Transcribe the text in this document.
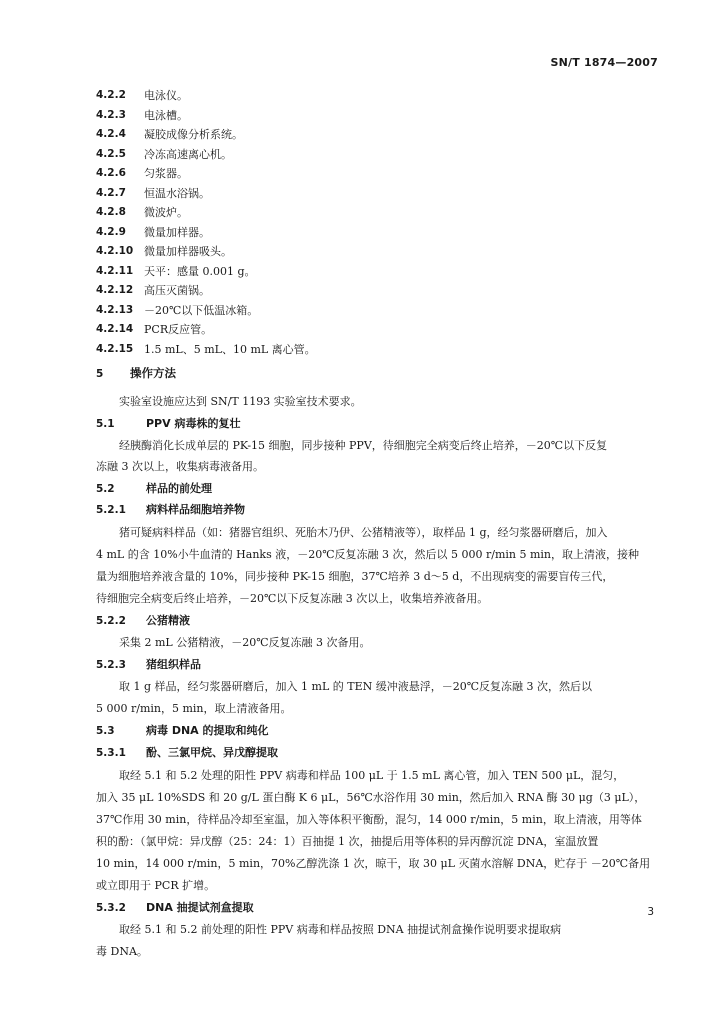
SN/T 1874—2007
4.2.2	电泳仪。
4.2.3	电泳槽。
4.2.4	凝胶成像分析系统。
4.2.5	冷冻高速离心机。
4.2.6	匀浆器。
4.2.7	恒温水浴锅。
4.2.8	微波炉。
4.2.9	微量加样器。
4.2.10 微量加样器吸头。
4.2.11 天平：感量 0.001 g。
4.2.12 高压灭菌锅。
4.2.13 －20℃以下低温冰箱。
4.2.14 PCR反应管。
4.2.15 1.5 mL、5 mL、10 mL 离心管。
5 操作方法
实验室设施应达到 SN/T 1193 实验室技术要求。
5.1	PPV 病毒株的复壮
经胰酶消化长成单层的 PK-15 细胞，同步接种 PPV，待细胞完全病变后终止培养，－20℃以下反复
冻融 3 次以上，收集病毒液备用。
5.2	样品的前处理
5.2.1 病料样品细胞培养物
猪可疑病料样品（如：猪器官组织、死胎木乃伊、公猪精液等），取样品 1 g，经匀浆器研磨后，加入
4 mL 的含 10%小牛血清的 Hanks 液，－20℃反复冻融 3 次，然后以 5 000 r/min 5 min，取上清液，接种
量为细胞培养液含量的 10%，同步接种 PK-15 细胞，37℃培养 3 d～5 d，不出现病变的需要盲传三代，
待细胞完全病变后终止培养，－20℃以下反复冻融 3 次以上，收集培养液备用。
5.2.2 公猪精液
采集 2 mL 公猪精液，－20℃反复冻融 3 次备用。
5.2.3 猪组织样品
取 1 g 样品，经匀浆器研磨后，加入 1 mL 的 TEN 缓冲液悬浮，－20℃反复冻融 3 次，然后以
5 000 r/min，5 min，取上清液备用。
5.3	病毒 DNA 的提取和纯化
5.3.1 酚、三氯甲烷、异戊醇提取
取经 5.1 和 5.2 处理的阳性 PPV 病毒和样品 100 μL 于 1.5 mL 离心管，加入 TEN 500 μL，混匀，
加入 35 μL 10%SDS 和 20 g/L 蛋白酶 K 6 μL，56℃水浴作用 30 min，然后加入 RNA 酶 30 μg（3 μL），
37℃作用 30 min，待样品冷却至室温，加入等体积平衡酚，混匀，14 000 r/min，5 min，取上清液，用等体
积的酚：（氯甲烷：异戊醇（25：24：1）百抽提 1 次，抽提后用等体积的异丙醇沉淀 DNA，室温放置
10 min，14 000 r/min，5 min，70%乙醇洗涤 1 次，晾干，取 30 μL 灭菌水溶解 DNA，贮存于 －20℃备用
或立即用于 PCR 扩增。
5.3.2 DNA 抽提试剂盒提取
取经 5.1 和 5.2 前处理的阳性 PPV 病毒和样品按照 DNA 抽提试剂盒操作说明要求提取病
毒 DNA。
3
